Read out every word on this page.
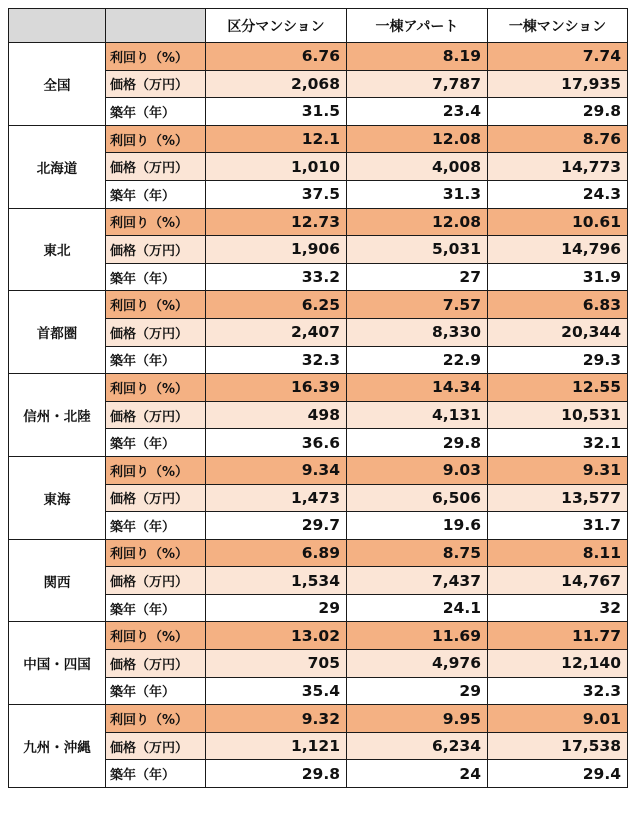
		区分マンション	一棟アパート	一棟マンション
全国	利回り（%）	6.76	8.19	7.74
	価格（万円）	2,068	7,787	17,935
	築年（年）	31.5	23.4	29.8
北海道	利回り（%）	12.1	12.08	8.76
	価格（万円）	1,010	4,008	14,773
	築年（年）	37.5	31.3	24.3
東北	利回り（%）	12.73	12.08	10.61
	価格（万円）	1,906	5,031	14,796
	築年（年）	33.2	27	31.9
首都圏	利回り（%）	6.25	7.57	6.83
	価格（万円）	2,407	8,330	20,344
	築年（年）	32.3	22.9	29.3
信州・北陸	利回り（%）	16.39	14.34	12.55
	価格（万円）	498	4,131	10,531
	築年（年）	36.6	29.8	32.1
東海	利回り（%）	9.34	9.03	9.31
	価格（万円）	1,473	6,506	13,577
	築年（年）	29.7	19.6	31.7
関西	利回り（%）	6.89	8.75	8.11
	価格（万円）	1,534	7,437	14,767
	築年（年）	29	24.1	32
中国・四国	利回り（%）	13.02	11.69	11.77
	価格（万円）	705	4,976	12,140
	築年（年）	35.4	29	32.3
九州・沖縄	利回り（%）	9.32	9.95	9.01
	価格（万円）	1,121	6,234	17,538
	築年（年）	29.8	24	29.4
